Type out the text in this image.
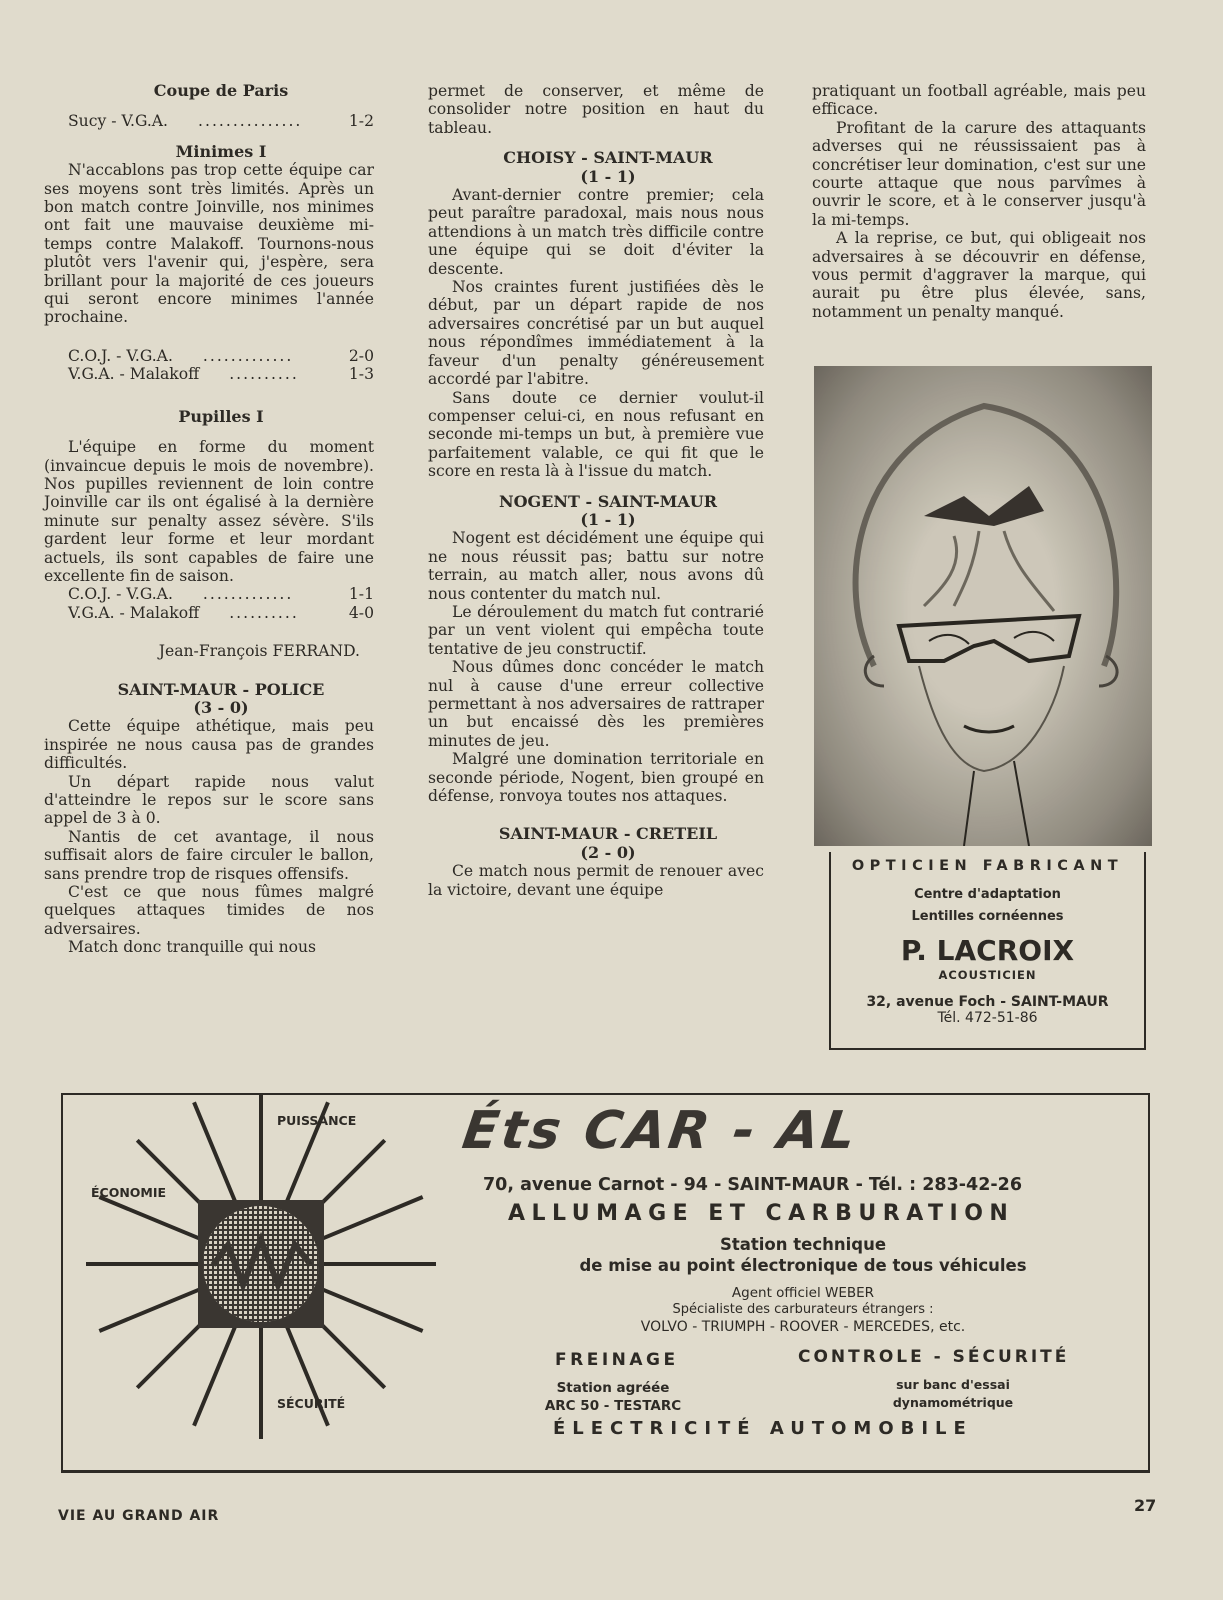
Coupe de Paris

Sucy - V.G.A.	...............	1-2

Minimes I

N'accablons pas trop cette équipe car ses moyens sont très limités. Après un bon match contre Joinville, nos minimes ont fait une mauvaise deuxième mi-temps contre Malakoff. Tournons-nous plutôt vers l'avenir qui, j'espère, sera brillant pour la majorité de ces joueurs qui seront encore minimes l'année prochaine.

C.O.J. - V.G.A.	.............	2-0

V.G.A. - Malakoff	..........	1-3

Pupilles I

L'équipe en forme du moment (invaincue depuis le mois de novembre). Nos pupilles reviennent de loin contre Joinville car ils ont égalisé à la dernière minute sur penalty assez sévère. S'ils gardent leur forme et leur mordant actuels, ils sont capables de faire une excellente fin de saison.

C.O.J. - V.G.A.	.............	1-1

V.G.A. - Malakoff	..........	4-0

Jean-François FERRAND.

SAINT-MAUR - POLICE

(3 - 0)

Cette équipe athétique, mais peu inspirée ne nous causa pas de grandes difficultés.

Un départ rapide nous valut d'atteindre le repos sur le score sans appel de 3 à 0.

Nantis de cet avantage, il nous suffisait alors de faire circuler le ballon, sans prendre trop de risques offensifs.

C'est ce que nous fûmes malgré quelques attaques timides de nos adversaires.

Match donc tranquille qui nous

permet de conserver, et même de consolider notre position en haut du tableau.

CHOISY - SAINT-MAUR

(1 - 1)

Avant-dernier contre premier; cela peut paraître paradoxal, mais nous nous attendions à un match très difficile contre une équipe qui se doit d'éviter la descente.

Nos craintes furent justifiées dès le début, par un départ rapide de nos adversaires concrétisé par un but auquel nous répondîmes immédiatement à la faveur d'un penalty généreusement accordé par l'abitre.

Sans doute ce dernier voulut-il compenser celui-ci, en nous refusant en seconde mi-temps un but, à première vue parfaitement valable, ce qui fit que le score en resta là à l'issue du match.

NOGENT - SAINT-MAUR

(1 - 1)

Nogent est décidément une équipe qui ne nous réussit pas; battu sur notre terrain, au match aller, nous avons dû nous contenter du match nul.

Le déroulement du match fut contrarié par un vent violent qui empêcha toute tentative de jeu constructif.

Nous dûmes donc concéder le match nul à cause d'une erreur collective permettant à nos adversaires de rattraper un but encaissé dès les premières minutes de jeu.

Malgré une domination territoriale en seconde période, Nogent, bien groupé en défense, ronvoya toutes nos attaques.

SAINT-MAUR - CRETEIL

(2 - 0)

Ce match nous permit de renouer avec la victoire, devant une équipe

pratiquant un football agréable, mais peu efficace.

Profitant de la carure des attaquants adverses qui ne réussissaient pas à concrétiser leur domination, c'est sur une courte attaque que nous parvîmes à ouvrir le score, et à le conserver jusqu'à la mi-temps.

A la reprise, ce but, qui obligeait nos adversaires à se découvrir en défense, vous permit d'aggraver la marque, qui aurait pu être plus élevée, sans, notamment un penalty manqué.

OPTICIEN FABRICANT
Centre d'adaptation
Lentilles cornéennes
P. LACROIX
ACOUSTICIEN
32, avenue Foch - SAINT-MAUR
Tél. 472-51-86
PUISSANCE
ÉCONOMIE
SÉCURITÉ
Éts CAR - AL
70, avenue Carnot - 94 - SAINT-MAUR - Tél. : 283-42-26
ALLUMAGE ET CARBURATION
Station technique
de mise au point électronique de tous véhicules
Agent officiel WEBER
Spécialiste des carburateurs étrangers :
VOLVO - TRIUMPH - ROOVER - MERCEDES, etc.
FREINAGE	CONTROLE - SÉCURITÉ
Station agréée
ARC 50 - TESTARC
sur banc d'essai
dynamométrique
ÉLECTRICITÉ AUTOMOBILE
VIE AU GRAND AIR
27
